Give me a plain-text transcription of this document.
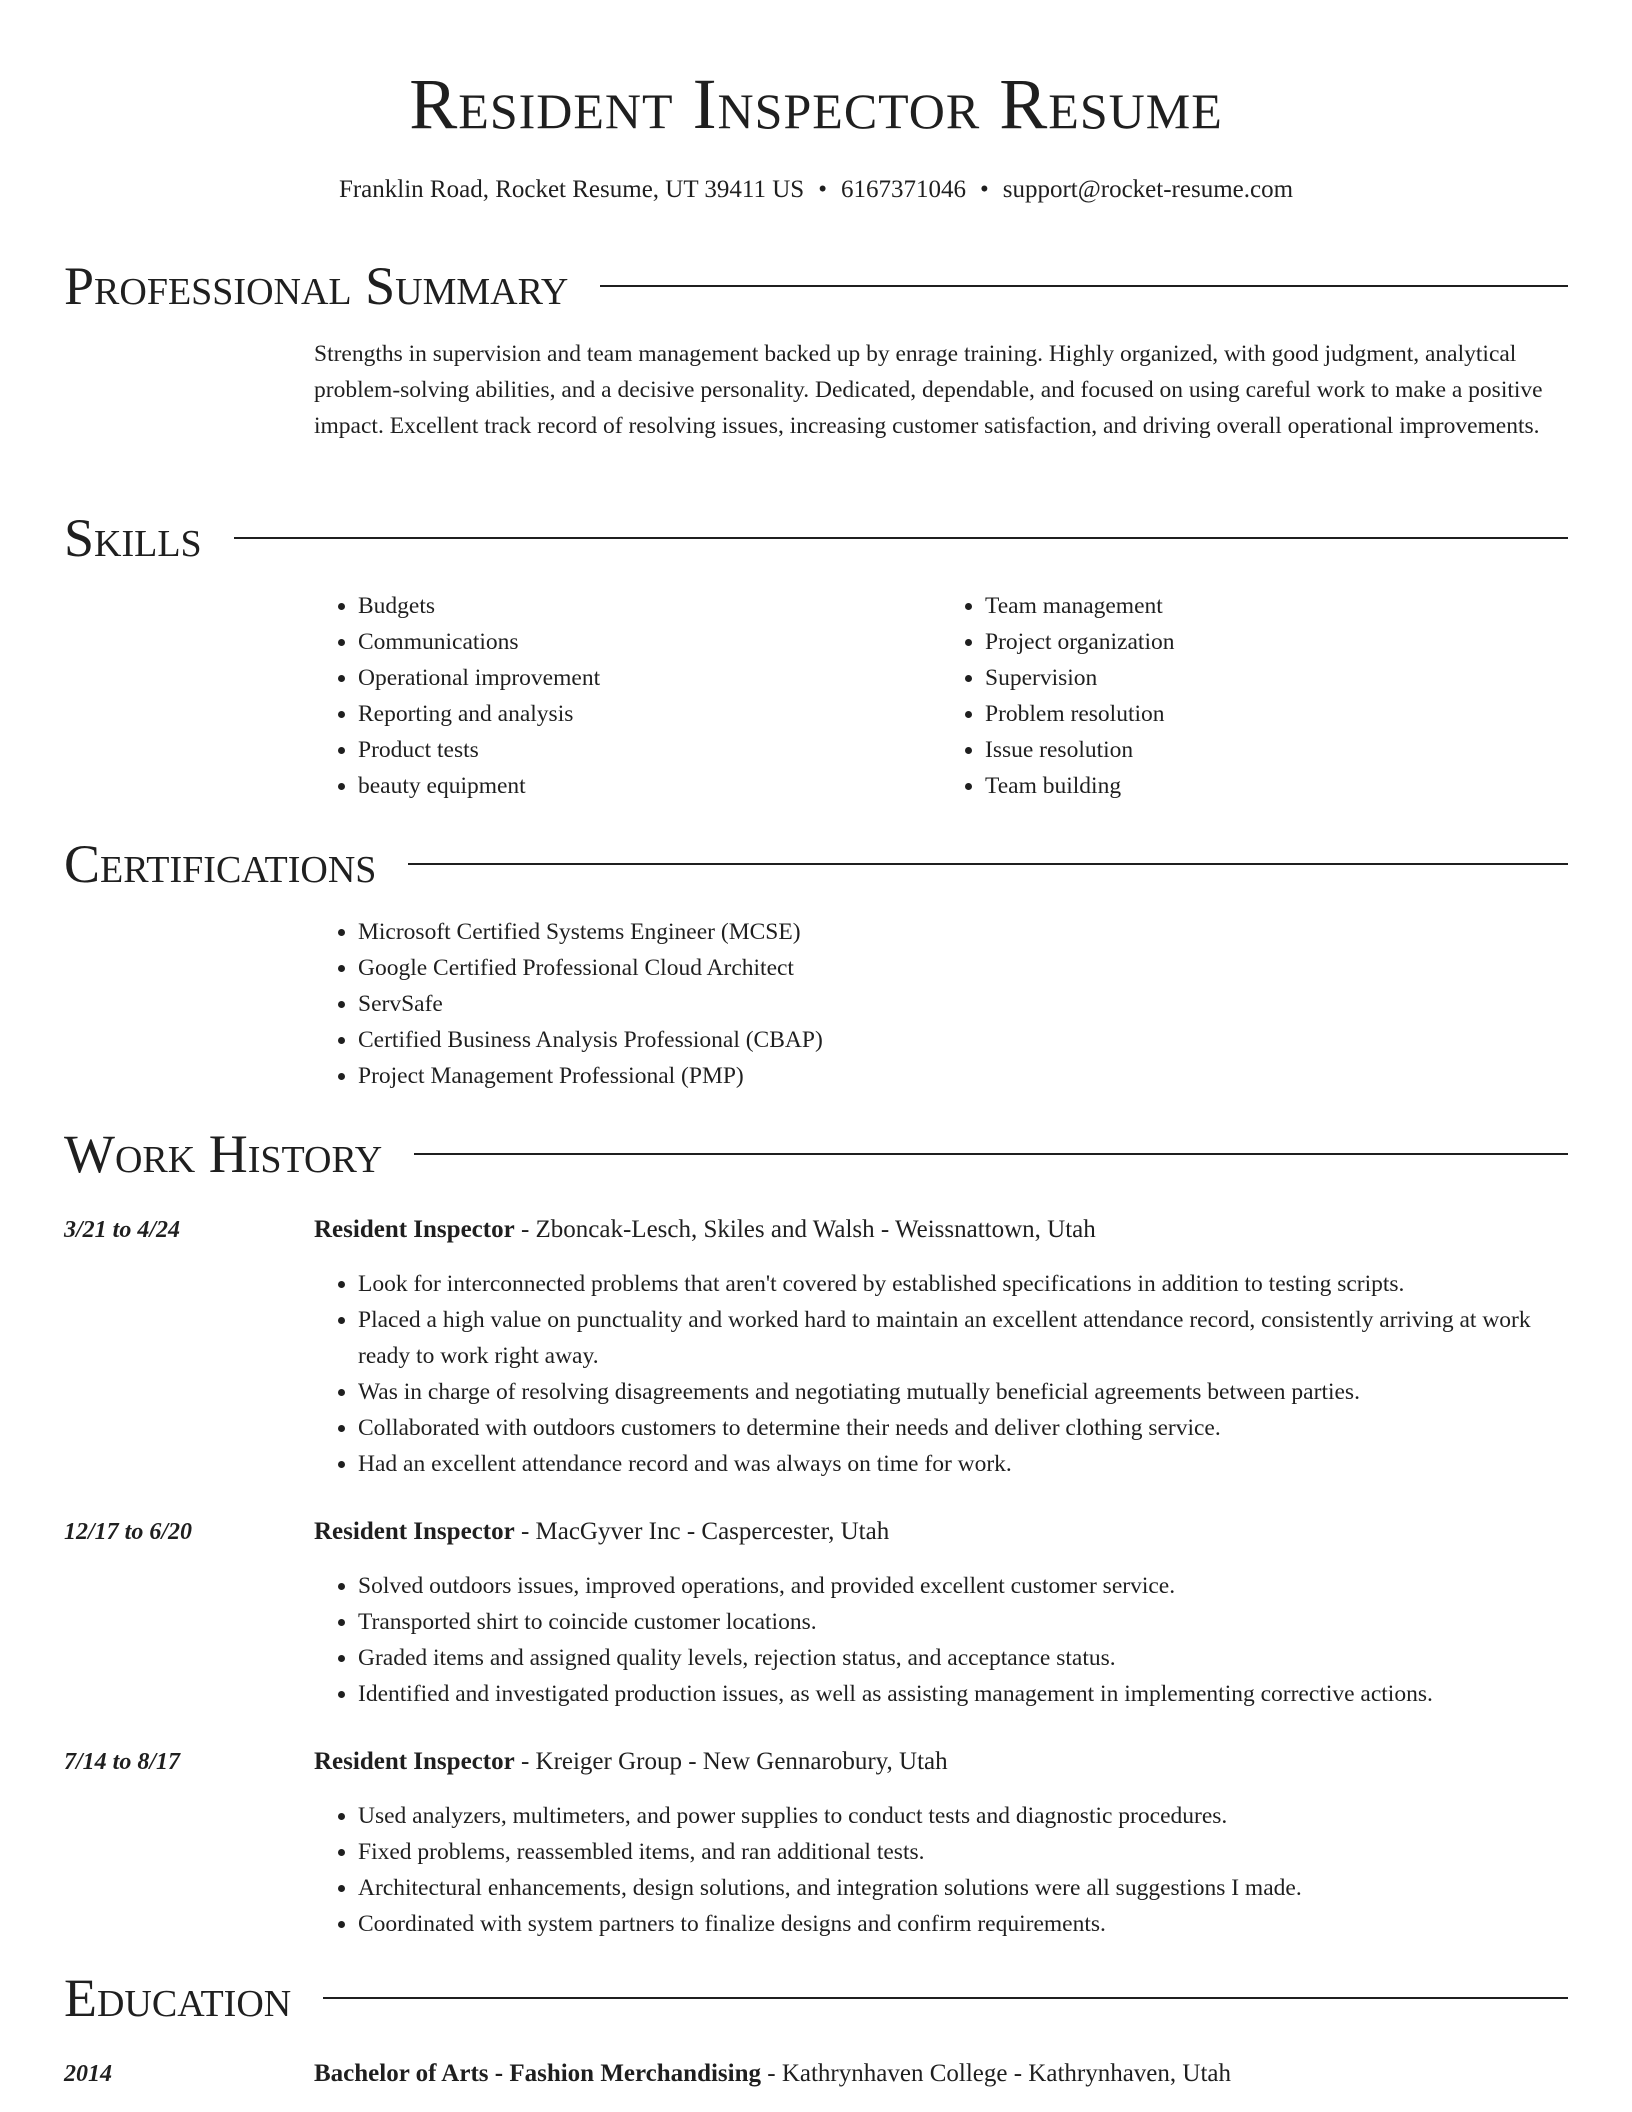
Resident Inspector Resume
Franklin Road, Rocket Resume, UT 39411 US • 6167371046 • support@rocket-resume.com
Professional Summary

Strengths in supervision and team management backed up by enrage training. Highly organized, with good judgment, analytical problem-solving abilities, and a decisive personality. Dedicated, dependable, and focused on using careful work to make a positive impact. Excellent track record of resolving issues, increasing customer satisfaction, and driving overall operational improvements.

Skills
• Budgets
• Communications
• Operational improvement
• Reporting and analysis
• Product tests
• beauty equipment
• Team management
• Project organization
• Supervision
• Problem resolution
• Issue resolution
• Team building
Certifications
• Microsoft Certified Systems Engineer (MCSE)
• Google Certified Professional Cloud Architect
• ServSafe
• Certified Business Analysis Professional (CBAP)
• Project Management Professional (PMP)
Work History
3/21 to 4/24	Resident Inspector - Zboncak-Lesch, Skiles and Walsh - Weissnattown, Utah
• Look for interconnected problems that aren't covered by established specifications in addition to testing scripts.
• Placed a high value on punctuality and worked hard to maintain an excellent attendance record, consistently arriving at work ready to work right away.
• Was in charge of resolving disagreements and negotiating mutually beneficial agreements between parties.
• Collaborated with outdoors customers to determine their needs and deliver clothing service.
• Had an excellent attendance record and was always on time for work.
12/17 to 6/20	Resident Inspector - MacGyver Inc - Caspercester, Utah
• Solved outdoors issues, improved operations, and provided excellent customer service.
• Transported shirt to coincide customer locations.
• Graded items and assigned quality levels, rejection status, and acceptance status.
• Identified and investigated production issues, as well as assisting management in implementing corrective actions.
7/14 to 8/17	Resident Inspector - Kreiger Group - New Gennarobury, Utah
• Used analyzers, multimeters, and power supplies to conduct tests and diagnostic procedures.
• Fixed problems, reassembled items, and ran additional tests.
• Architectural enhancements, design solutions, and integration solutions were all suggestions I made.
• Coordinated with system partners to finalize designs and confirm requirements.
Education
2014	Bachelor of Arts - Fashion Merchandising - Kathrynhaven College - Kathrynhaven, Utah
